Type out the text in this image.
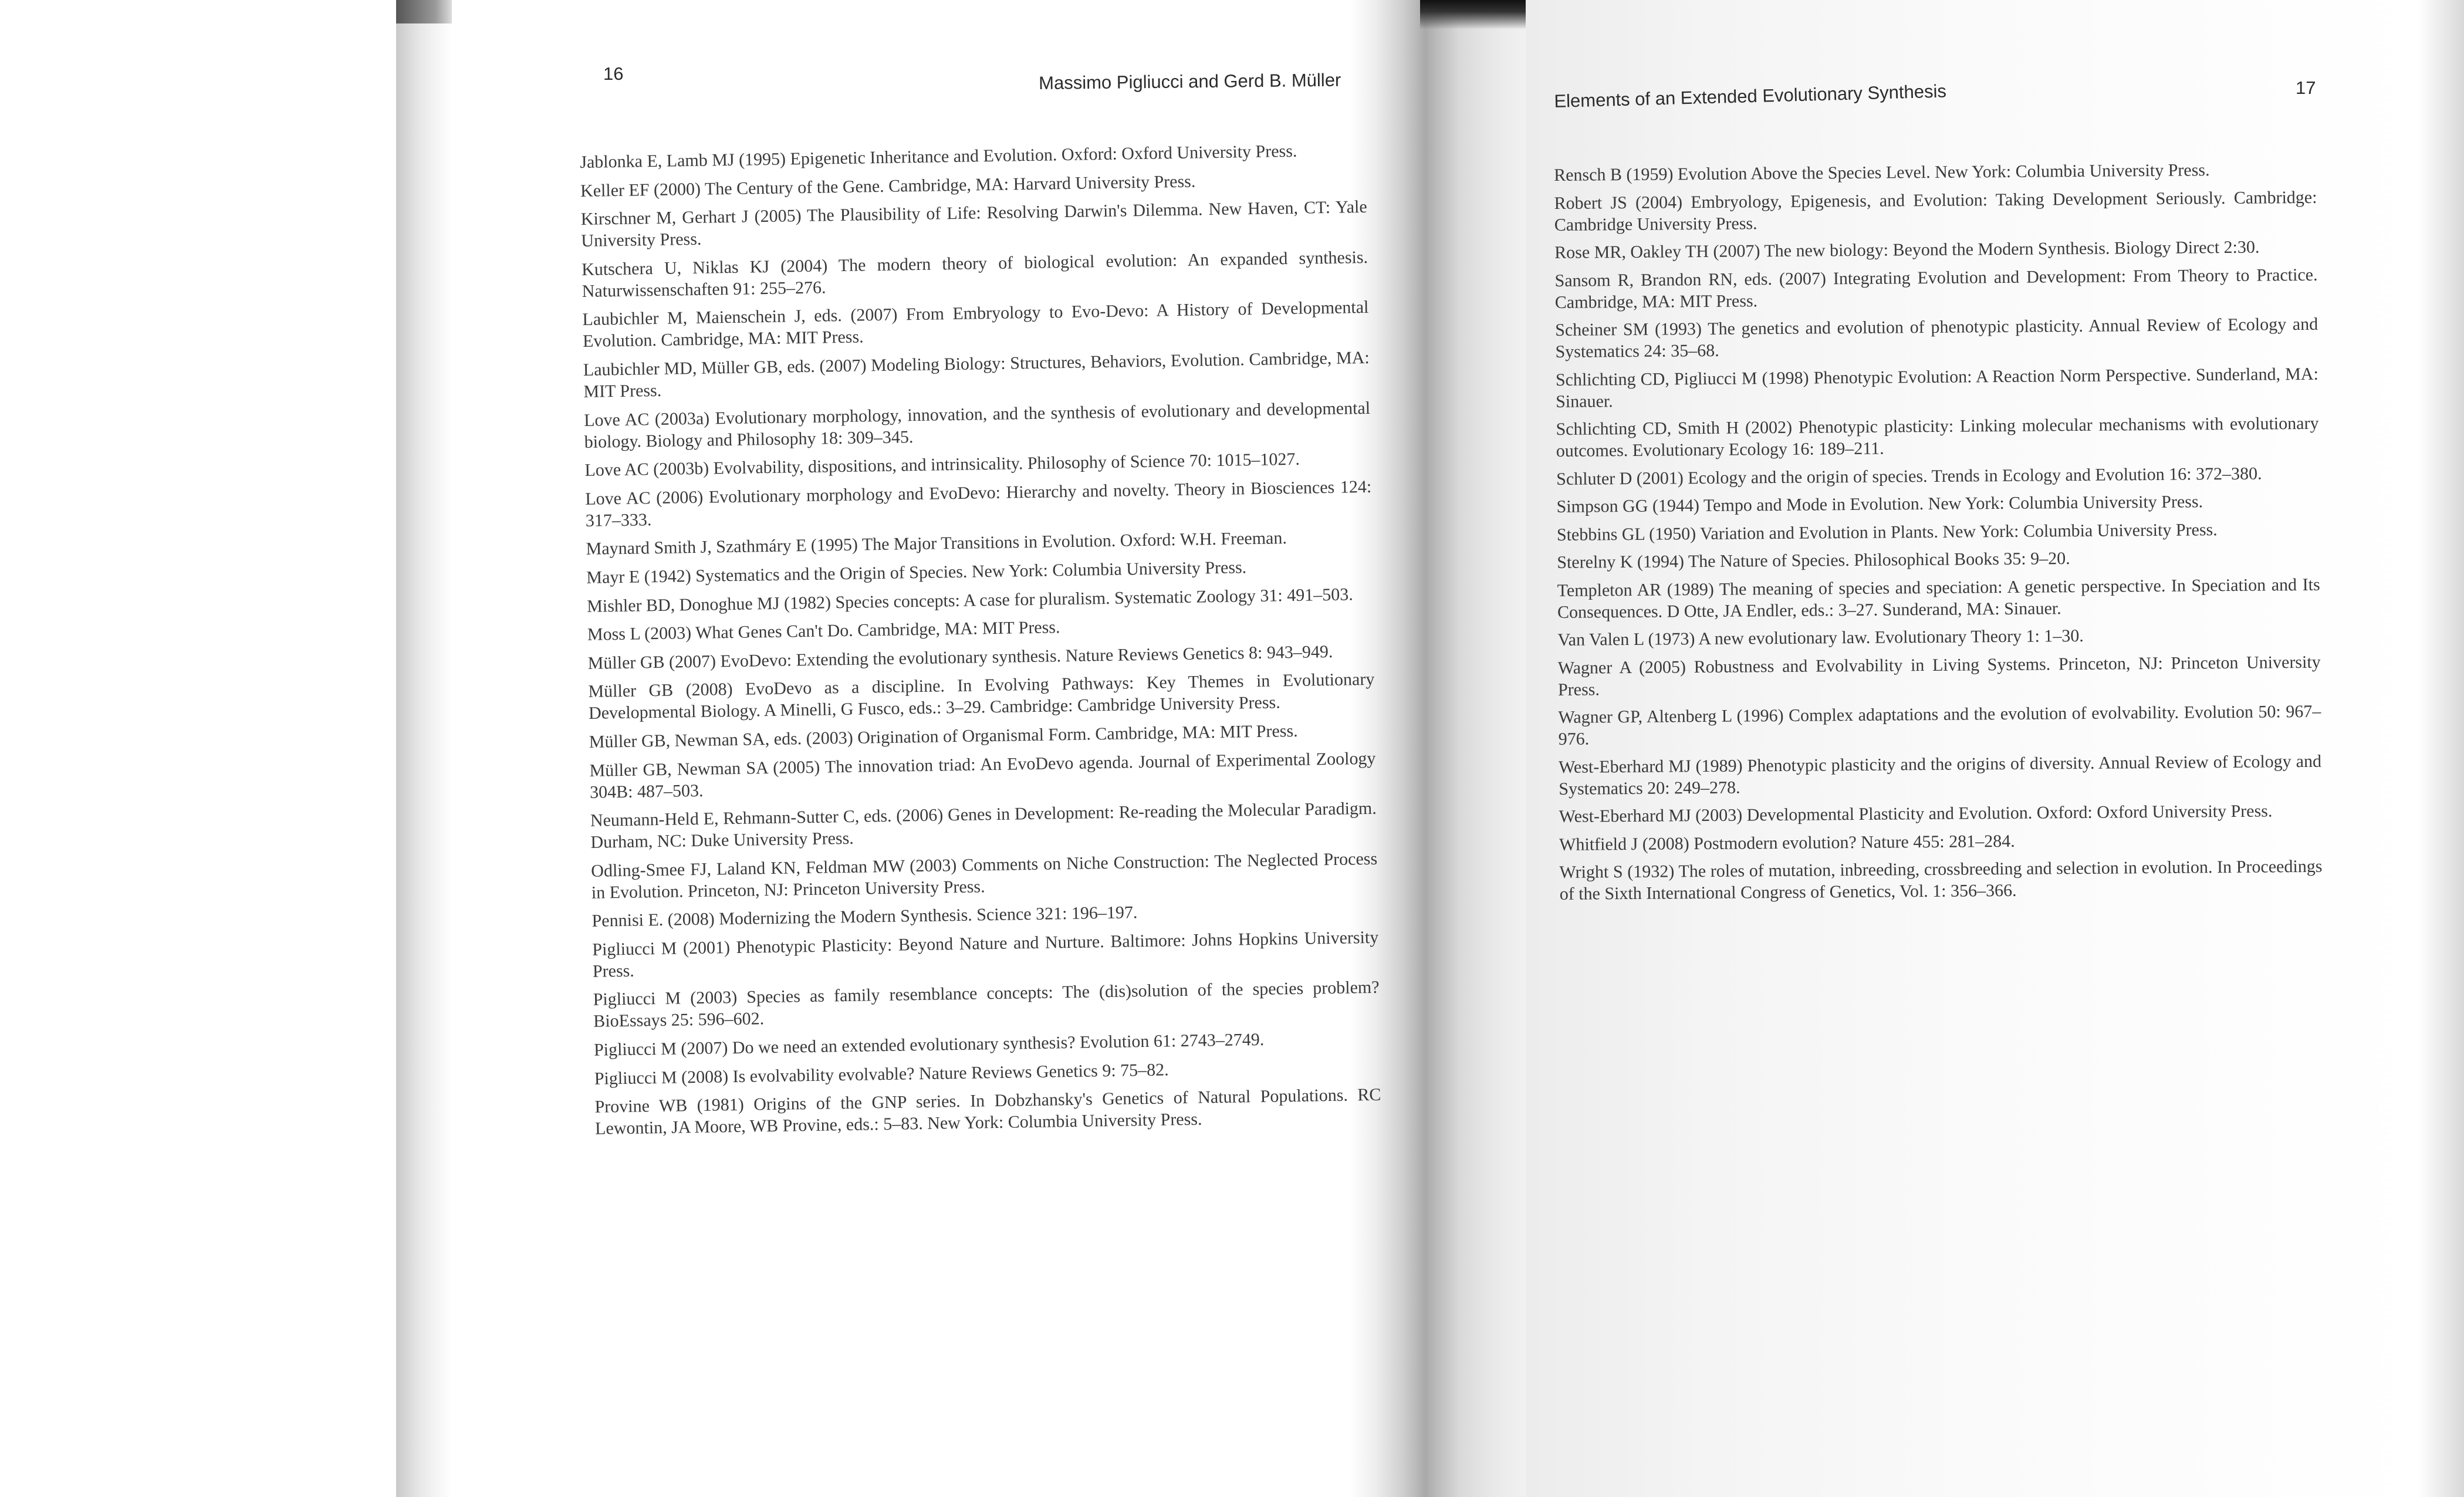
16	Massimo Pigliucci and Gerd B. Müller	Elements of an Extended Evolutionary Synthesis	17
Jablonka E, Lamb MJ (1995) Epigenetic Inheritance and Evolution. Oxford: Oxford University Press.
Keller EF (2000) The Century of the Gene. Cambridge, MA: Harvard University Press.
Kirschner M, Gerhart J (2005) The Plausibility of Life: Resolving Darwin's Dilemma. New Haven, CT: Yale University Press.
Kutschera U, Niklas KJ (2004) The modern theory of biological evolution: An expanded synthesis. Naturwissenschaften 91: 255–276.
Laubichler M, Maienschein J, eds. (2007) From Embryology to Evo-Devo: A History of Developmental Evolution. Cambridge, MA: MIT Press.
Laubichler MD, Müller GB, eds. (2007) Modeling Biology: Structures, Behaviors, Evolution. Cambridge, MA: MIT Press.
Love AC (2003a) Evolutionary morphology, innovation, and the synthesis of evolutionary and developmental biology. Biology and Philosophy 18: 309–345.
Love AC (2003b) Evolvability, dispositions, and intrinsicality. Philosophy of Science 70: 1015–1027.
Love AC (2006) Evolutionary morphology and EvoDevo: Hierarchy and novelty. Theory in Biosciences 124: 317–333.
Maynard Smith J, Szathmáry E (1995) The Major Transitions in Evolution. Oxford: W.H. Freeman.
Mayr E (1942) Systematics and the Origin of Species. New York: Columbia University Press.
Mishler BD, Donoghue MJ (1982) Species concepts: A case for pluralism. Systematic Zoology 31: 491–503.
Moss L (2003) What Genes Can't Do. Cambridge, MA: MIT Press.
Müller GB (2007) EvoDevo: Extending the evolutionary synthesis. Nature Reviews Genetics 8: 943–949.
Müller GB (2008) EvoDevo as a discipline. In Evolving Pathways: Key Themes in Evolutionary Developmental Biology. A Minelli, G Fusco, eds.: 3–29. Cambridge: Cambridge University Press.
Müller GB, Newman SA, eds. (2003) Origination of Organismal Form. Cambridge, MA: MIT Press.
Müller GB, Newman SA (2005) The innovation triad: An EvoDevo agenda. Journal of Experimental Zoology 304B: 487–503.
Neumann-Held E, Rehmann-Sutter C, eds. (2006) Genes in Development: Re-reading the Molecular Paradigm. Durham, NC: Duke University Press.
Odling-Smee FJ, Laland KN, Feldman MW (2003) Comments on Niche Construction: The Neglected Process in Evolution. Princeton, NJ: Princeton University Press.
Pennisi E. (2008) Modernizing the Modern Synthesis. Science 321: 196–197.
Pigliucci M (2001) Phenotypic Plasticity: Beyond Nature and Nurture. Baltimore: Johns Hopkins University Press.
Pigliucci M (2003) Species as family resemblance concepts: The (dis)solution of the species problem? BioEssays 25: 596–602.
Pigliucci M (2007) Do we need an extended evolutionary synthesis? Evolution 61: 2743–2749.
Pigliucci M (2008) Is evolvability evolvable? Nature Reviews Genetics 9: 75–82.
Provine WB (1981) Origins of the GNP series. In Dobzhansky's Genetics of Natural Populations. RC Lewontin, JA Moore, WB Provine, eds.: 5–83. New York: Columbia University Press.
Rensch B (1959) Evolution Above the Species Level. New York: Columbia University Press.
Robert JS (2004) Embryology, Epigenesis, and Evolution: Taking Development Seriously. Cambridge: Cambridge University Press.
Rose MR, Oakley TH (2007) The new biology: Beyond the Modern Synthesis. Biology Direct 2:30.
Sansom R, Brandon RN, eds. (2007) Integrating Evolution and Development: From Theory to Practice. Cambridge, MA: MIT Press.
Scheiner SM (1993) The genetics and evolution of phenotypic plasticity. Annual Review of Ecology and Systematics 24: 35–68.
Schlichting CD, Pigliucci M (1998) Phenotypic Evolution: A Reaction Norm Perspective. Sunderland, MA: Sinauer.
Schlichting CD, Smith H (2002) Phenotypic plasticity: Linking molecular mechanisms with evolutionary outcomes. Evolutionary Ecology 16: 189–211.
Schluter D (2001) Ecology and the origin of species. Trends in Ecology and Evolution 16: 372–380.
Simpson GG (1944) Tempo and Mode in Evolution. New York: Columbia University Press.
Stebbins GL (1950) Variation and Evolution in Plants. New York: Columbia University Press.
Sterelny K (1994) The Nature of Species. Philosophical Books 35: 9–20.
Templeton AR (1989) The meaning of species and speciation: A genetic perspective. In Speciation and Its Consequences. D Otte, JA Endler, eds.: 3–27. Sunderand, MA: Sinauer.
Van Valen L (1973) A new evolutionary law. Evolutionary Theory 1: 1–30.
Wagner A (2005) Robustness and Evolvability in Living Systems. Princeton, NJ: Princeton University Press.
Wagner GP, Altenberg L (1996) Complex adaptations and the evolution of evolvability. Evolution 50: 967–976.
West-Eberhard MJ (1989) Phenotypic plasticity and the origins of diversity. Annual Review of Ecology and Systematics 20: 249–278.
West-Eberhard MJ (2003) Developmental Plasticity and Evolution. Oxford: Oxford University Press.
Whitfield J (2008) Postmodern evolution? Nature 455: 281–284.
Wright S (1932) The roles of mutation, inbreeding, crossbreeding and selection in evolution. In Proceedings of the Sixth International Congress of Genetics, Vol. 1: 356–366.
